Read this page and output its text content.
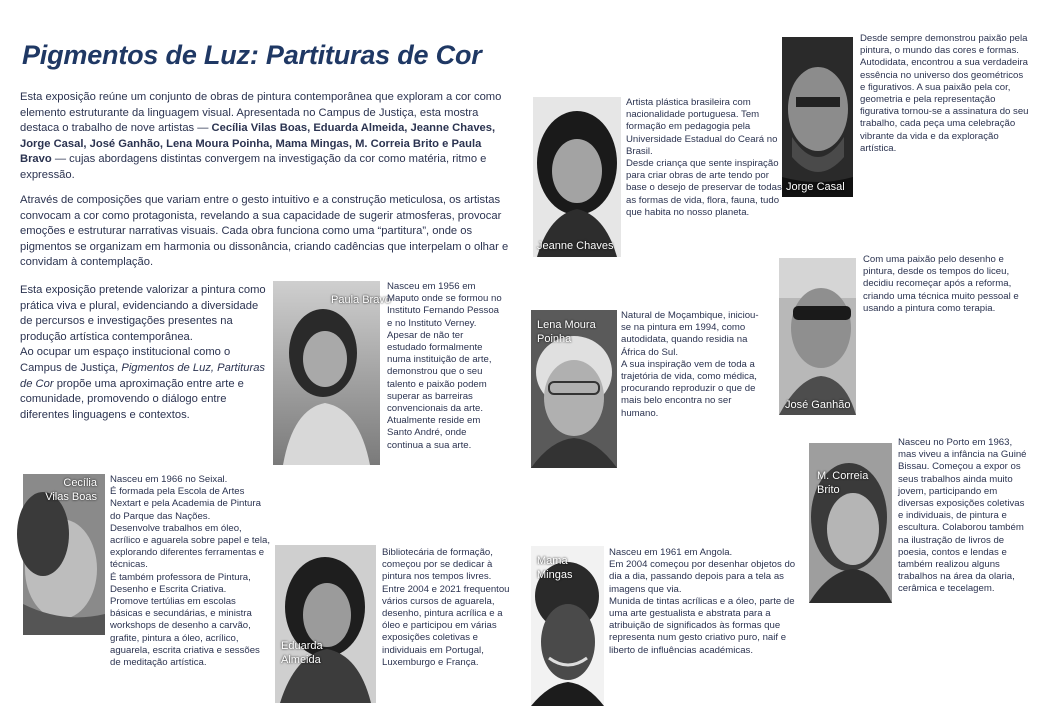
Pigmentos de Luz: Partituras de Cor
Esta exposição reúne um conjunto de obras de pintura contemporânea que exploram a cor como elemento estruturante da linguagem visual. Apresentada no Campus de Justiça, esta mostra destaca o trabalho de nove artistas — Cecília Vilas Boas, Eduarda Almeida, Jeanne Chaves, Jorge Casal, José Ganhão, Lena Moura Poinha, Mama Mingas, M. Correia Brito e Paula Bravo — cujas abordagens distintas convergem na investigação da cor como matéria, ritmo e expressão.
Através de composições que variam entre o gesto intuitivo e a construção meticulosa, os artistas convocam a cor como protagonista, revelando a sua capacidade de sugerir atmosferas, provocar emoções e estruturar narrativas visuais. Cada obra funciona como uma “partitura”, onde os pigmentos se organizam em harmonia ou dissonância, criando cadências que interpelam o olhar e convidam à contemplação.
Esta exposição pretende valorizar a pintura como prática viva e plural, evidenciando a diversidade de percursos e investigações presentes na produção artística contemporânea.
Ao ocupar um espaço institucional como o Campus de Justiça, Pigmentos de Luz, Partituras de Cor propõe uma aproximação entre arte e comunidade, promovendo o diálogo entre diferentes linguagens e contextos.
Paula Bravo

Nasceu em 1956 em Maputo onde se formou no Instituto Fernando Pessoa e no Instituto Verney.

Apesar de não ter estudado formalmente numa instituição de arte, demonstrou que o seu talento e paixão podem superar as barreiras convencionais da arte.

Atualmente reside em Santo André, onde continua a sua arte.

Cecília Vilas Boas

Nasceu em 1966 no Seixal.

É formada pela Escola de Artes Nextart e pela Academia de Pintura do Parque das Nações.

Desenvolve trabalhos em óleo, acrílico e aguarela sobre papel e tela, explorando diferentes ferramentas e técnicas.

É também professora de Pintura, Desenho e Escrita Criativa.

Promove tertúlias em escolas básicas e secundárias, e ministra workshops de desenho a carvão, grafite, pintura a óleo, acrílico, aguarela, escrita criativa e sessões de meditação artística.

Eduarda Almeida

Bibliotecária de formação, começou por se dedicar à pintura nos tempos livres.

Entre 2004 e 2021 frequentou vários cursos de aguarela, desenho, pintura acrílica e a óleo e participou em várias exposições coletivas e individuais em Portugal, Luxemburgo e França.

Jeanne Chaves

Artista plástica brasileira com nacionalidade portuguesa. Tem formação em pedagogia pela Universidade Estadual do Ceará no Brasil.

Desde criança que sente inspiração para criar obras de arte tendo por base o desejo de preservar de todas as formas de vida, flora, fauna, tudo que habita no nosso planeta.

Jorge Casal

Desde sempre demonstrou paixão pela pintura, o mundo das cores e formas.

Autodidata, encontrou a sua verdadeira essência no universo dos geométricos e figurativos. A sua paixão pela cor, geometria e pela representação figurativa tornou-se a assinatura do seu trabalho, cada peça uma celebração vibrante da vida e da exploração artística.

Lena Moura Poinha

Natural de Moçambique, iniciou-se na pintura em 1994, como autodidata, quando residia na África do Sul.

A sua inspiração vem de toda a trajetória de vida, como médica, procurando reproduzir o que de mais belo encontra no ser humano.

José Ganhão

Com uma paixão pelo desenho e pintura, desde os tempos do liceu, decidiu recomeçar após a reforma, criando uma técnica muito pessoal e usando a pintura como terapia.

Mama Mingas

Nasceu em 1961 em Angola.

Em 2004 começou por desenhar objetos do dia a dia, passando depois para a tela as imagens que via.

Munida de tintas acrílicas e a óleo, parte de uma arte gestualista e abstrata para a atribuição de significados às formas que representa num gesto criativo puro, naif e liberto de influências académicas.

M. Correia Brito

Nasceu no Porto em 1963, mas viveu a infância na Guiné Bissau. Começou a expor os seus trabalhos ainda muito jovem, participando em diversas exposições coletivas e individuais, de pintura e escultura. Colaborou também na ilustração de livros de poesia, contos e lendas e também realizou alguns trabalhos na área da olaria, cerâmica e tecelagem.
